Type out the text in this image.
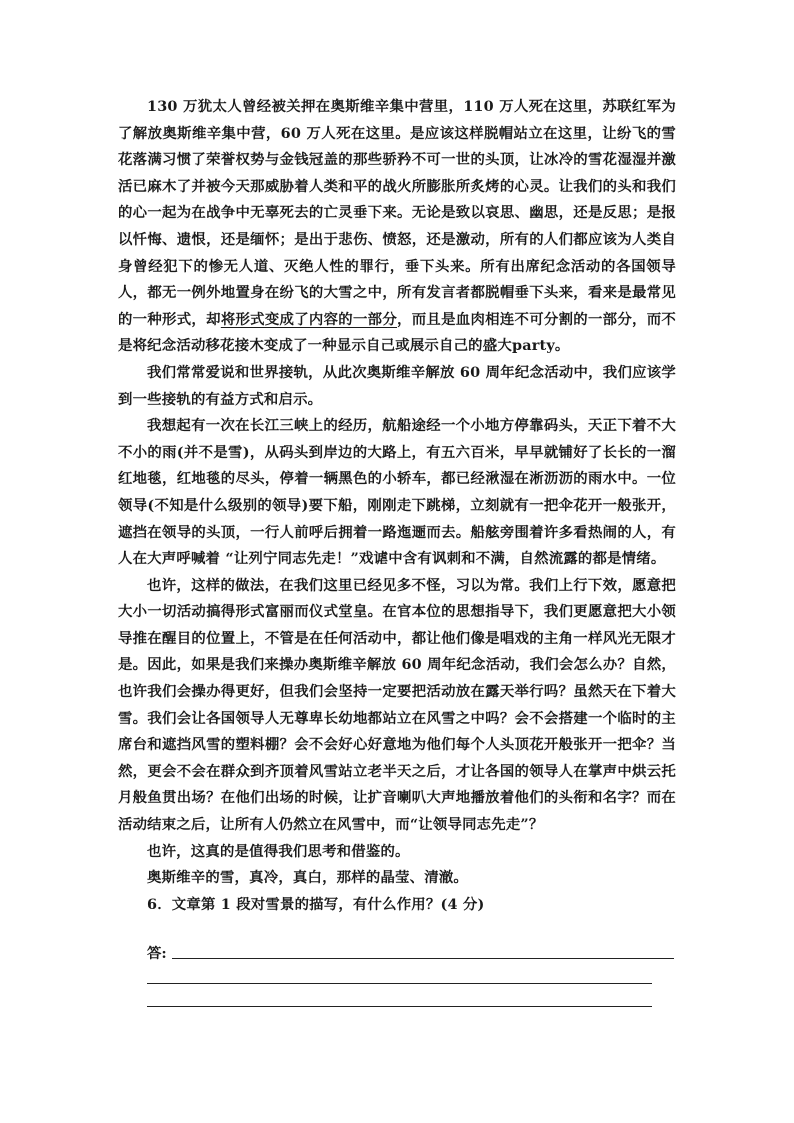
130 万犹太人曾经被关押在奥斯维辛集中营里，110 万人死在这里，苏联红军为了解放奥斯维辛集中营，60 万人死在这里。是应该这样脱帽站立在这里，让纷飞的雪花落满习惯了荣誉权势与金钱冠盖的那些骄矜不可一世的头顶，让冰冷的雪花湿湿并激活已麻木了并被今天那威胁着人类和平的战火所膨胀所炙烤的心灵。让我们的头和我们的心一起为在战争中无辜死去的亡灵垂下来。无论是致以哀思、幽思，还是反思；是报以忏悔、遗恨，还是缅怀；是出于悲伤、愤怒，还是激动，所有的人们都应该为人类自身曾经犯下的惨无人道、灭绝人性的罪行，垂下头来。所有出席纪念活动的各国领导人，都无一例外地置身在纷飞的大雪之中，所有发言者都脱帽垂下头来，看来是最常见的一种形式，却将形式变成了内容的一部分，而且是血肉相连不可分割的一部分，而不是将纪念活动移花接木变成了一种显示自己或展示自己的盛大party。

我们常常爱说和世界接轨，从此次奥斯维辛解放 60 周年纪念活动中，我们应该学到一些接轨的有益方式和启示。

我想起有一次在长江三峡上的经历，航船途经一个小地方停靠码头，天正下着不大不小的雨(并不是雪)，从码头到岸边的大路上，有五六百米，早早就铺好了长长的一溜红地毯，红地毯的尽头，停着一辆黑色的小轿车，都已经湫湿在淅沥沥的雨水中。一位领导(不知是什么级别的领导)要下船，刚刚走下跳梯，立刻就有一把伞花开一般张开，遮挡在领导的头顶，一行人前呼后拥着一路迤逦而去。船舷旁围着许多看热闹的人，有人在大声呼喊着 “让列宁同志先走！”戏谑中含有讽刺和不满，自然流露的都是情绪。

也许，这样的做法，在我们这里已经见多不怪，习以为常。我们上行下效，愿意把大小一切活动搞得形式富丽而仪式堂皇。在官本位的思想指导下，我们更愿意把大小领导推在醒目的位置上，不管是在任何活动中，都让他们像是唱戏的主角一样风光无限才是。因此，如果是我们来操办奥斯维辛解放 60 周年纪念活动，我们会怎么办？自然，也许我们会操办得更好，但我们会坚持一定要把活动放在露天举行吗？虽然天在下着大雪。我们会让各国领导人无尊卑长幼地都站立在风雪之中吗？会不会搭建一个临时的主席台和遮挡风雪的塑料棚？会不会好心好意地为他们每个人头顶花开般张开一把伞？当然，更会不会在群众到齐顶着风雪站立老半天之后，才让各国的领导人在掌声中烘云托月般鱼贯出场？在他们出场的时候，让扩音喇叭大声地播放着他们的头衔和名字？而在活动结束之后，让所有人仍然立在风雪中，而“让领导同志先走”？

也许，这真的是值得我们思考和借鉴的。

奥斯维辛的雪，真冷，真白，那样的晶莹、清澈。

6．文章第 1 段对雪景的描写，有什么作用？(4 分)

答:
